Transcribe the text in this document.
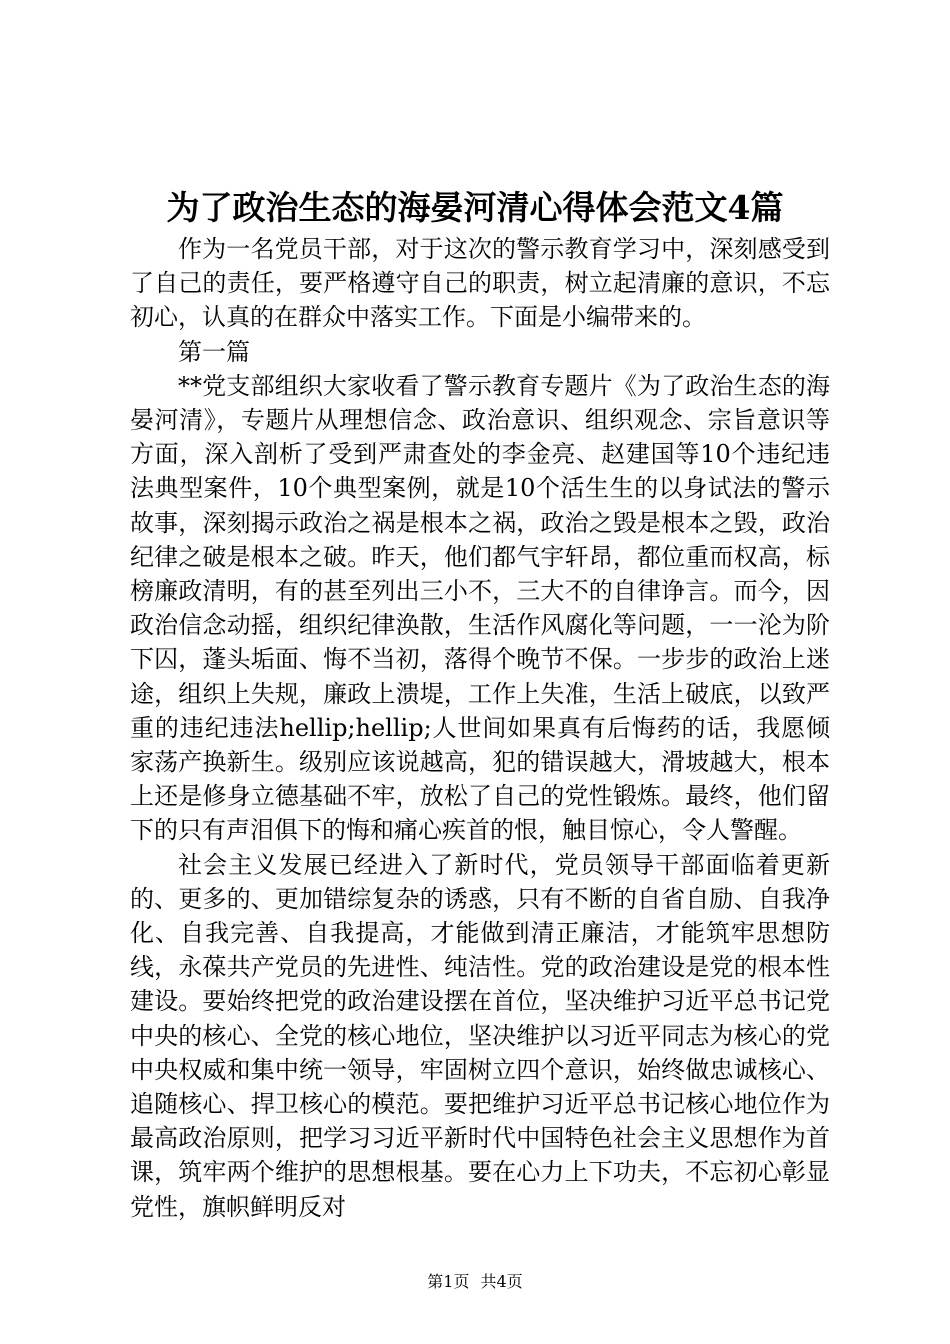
为了政治生态的海晏河清心得体会范文4篇

作为一名党员干部，对于这次的警示教育学习中，深刻感受到了自己的责任，要严格遵守自己的职责，树立起清廉的意识，不忘初心，认真的在群众中落实工作。下面是小编带来的。

第一篇

**党支部组织大家收看了警示教育专题片《为了政治生态的海晏河清》，专题片从理想信念、政治意识、组织观念、宗旨意识等方面，深入剖析了受到严肃查处的李金亮、赵建国等10个违纪违法典型案件，10个典型案例，就是10个活生生的以身试法的警示故事，深刻揭示政治之祸是根本之祸，政治之毁是根本之毁，政治纪律之破是根本之破。昨天，他们都气宇轩昂，都位重而权高，标榜廉政清明，有的甚至列出三小不，三大不的自律诤言。而今，因政治信念动摇，组织纪律涣散，生活作风腐化等问题，一一沦为阶下囚，蓬头垢面、悔不当初，落得个晚节不保。一步步的政治上迷途，组织上失规，廉政上溃堤，工作上失准，生活上破底，以致严重的违纪违法hellip;hellip;人世间如果真有后悔药的话，我愿倾家荡产换新生。级别应该说越高，犯的错误越大，滑坡越大，根本上还是修身立德基础不牢，放松了自己的党性锻炼。最终，他们留下的只有声泪俱下的悔和痛心疾首的恨，触目惊心，令人警醒。

社会主义发展已经进入了新时代，党员领导干部面临着更新的、更多的、更加错综复杂的诱惑，只有不断的自省自励、自我净化、自我完善、自我提高，才能做到清正廉洁，才能筑牢思想防线，永葆共产党员的先进性、纯洁性。党的政治建设是党的根本性建设。要始终把党的政治建设摆在首位，坚决维护习近平总书记党中央的核心、全党的核心地位，坚决维护以习近平同志为核心的党中央权威和集中统一领导，牢固树立四个意识，始终做忠诚核心、追随核心、捍卫核心的模范。要把维护习近平总书记核心地位作为最高政治原则，把学习习近平新时代中国特色社会主义思想作为首课，筑牢两个维护的思想根基。要在心力上下功夫，不忘初心彰显党性，旗帜鲜明反对

第1页 共4页
